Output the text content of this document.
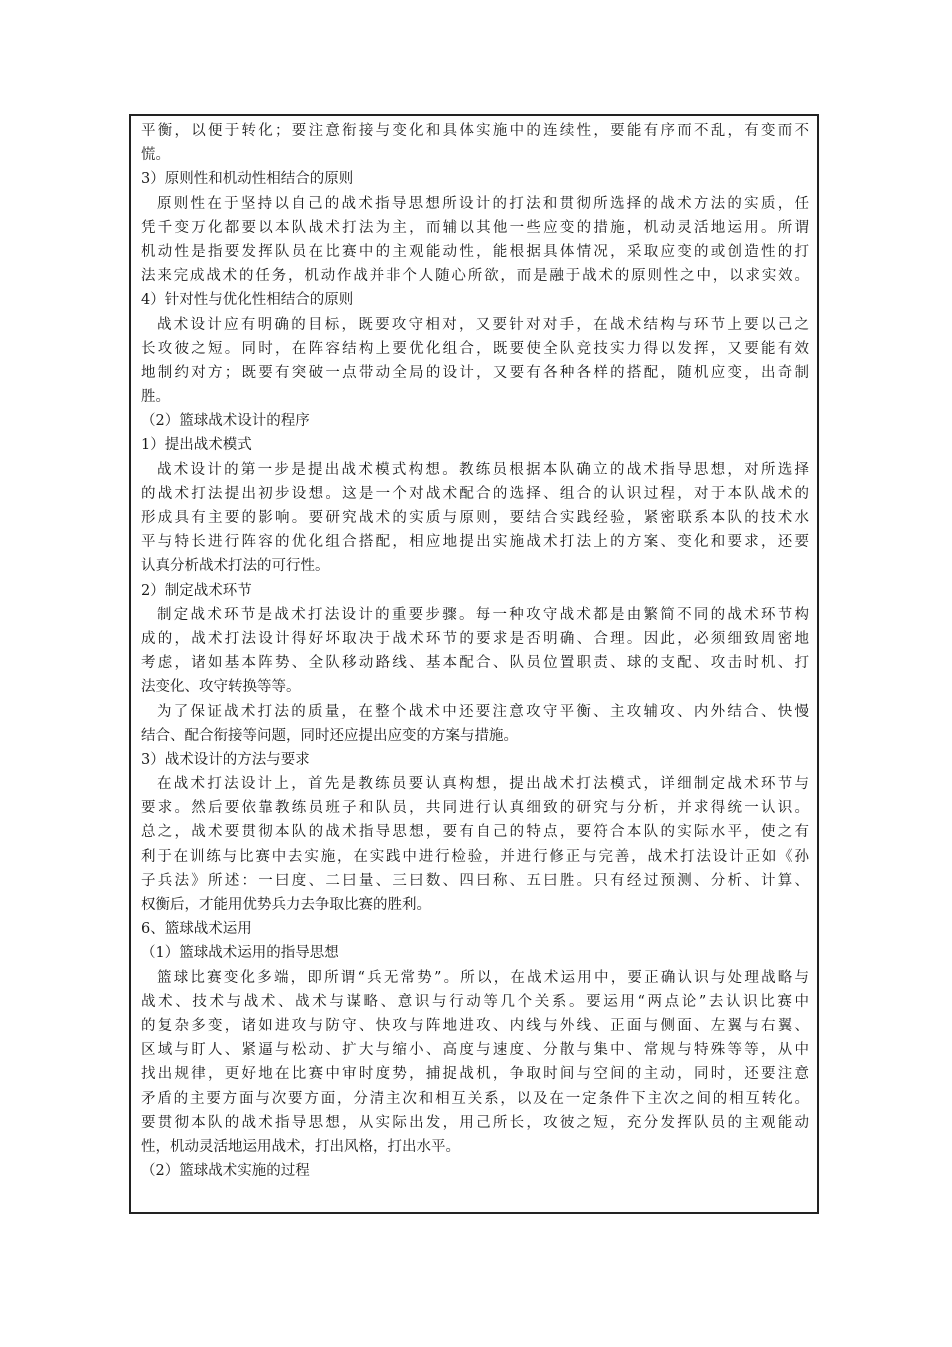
平衡，以便于转化；要注意衔接与变化和具体实施中的连续性，要能有序而不乱，有变而不
慌。
3）原则性和机动性相结合的原则
原则性在于坚持以自己的战术指导思想所设计的打法和贯彻所选择的战术方法的实质，任
凭千变万化都要以本队战术打法为主，而辅以其他一些应变的措施，机动灵活地运用。所谓
机动性是指要发挥队员在比赛中的主观能动性，能根据具体情况，采取应变的或创造性的打
法来完成战术的任务，机动作战并非个人随心所欲，而是融于战术的原则性之中，以求实效。
4）针对性与优化性相结合的原则
战术设计应有明确的目标，既要攻守相对，又要针对对手，在战术结构与环节上要以己之
长攻彼之短。同时，在阵容结构上要优化组合，既要使全队竞技实力得以发挥，又要能有效
地制约对方；既要有突破一点带动全局的设计，又要有各种各样的搭配，随机应变，出奇制
胜。
（2）篮球战术设计的程序
1）提出战术模式
战术设计的第一步是提出战术模式构想。教练员根据本队确立的战术指导思想，对所选择
的战术打法提出初步设想。这是一个对战术配合的选择、组合的认识过程，对于本队战术的
形成具有主要的影响。要研究战术的实质与原则，要结合实践经验，紧密联系本队的技术水
平与特长进行阵容的优化组合搭配，相应地提出实施战术打法上的方案、变化和要求，还要
认真分析战术打法的可行性。
2）制定战术环节
制定战术环节是战术打法设计的重要步骤。每一种攻守战术都是由繁简不同的战术环节构
成的，战术打法设计得好坏取决于战术环节的要求是否明确、合理。因此，必须细致周密地
考虑，诸如基本阵势、全队移动路线、基本配合、队员位置职责、球的支配、攻击时机、打
法变化、攻守转换等等。
为了保证战术打法的质量，在整个战术中还要注意攻守平衡、主攻辅攻、内外结合、快慢
结合、配合衔接等问题，同时还应提出应变的方案与措施。
3）战术设计的方法与要求
在战术打法设计上，首先是教练员要认真构想，提出战术打法模式，详细制定战术环节与
要求。然后要依靠教练员班子和队员，共同进行认真细致的研究与分析，并求得统一认识。
总之，战术要贯彻本队的战术指导思想，要有自己的特点，要符合本队的实际水平，使之有
利于在训练与比赛中去实施，在实践中进行检验，并进行修正与完善，战术打法设计正如《孙
子兵法》所述：一曰度、二曰量、三曰数、四曰称、五曰胜。只有经过预测、分析、计算、
权衡后，才能用优势兵力去争取比赛的胜利。
6、篮球战术运用
（1）篮球战术运用的指导思想
篮球比赛变化多端，即所谓“兵无常势”。所以，在战术运用中，要正确认识与处理战略与
战术、技术与战术、战术与谋略、意识与行动等几个关系。要运用“两点论”去认识比赛中
的复杂多变，诸如进攻与防守、快攻与阵地进攻、内线与外线、正面与侧面、左翼与右翼、
区域与盯人、紧逼与松动、扩大与缩小、高度与速度、分散与集中、常规与特殊等等，从中
找出规律，更好地在比赛中审时度势，捕捉战机，争取时间与空间的主动，同时，还要注意
矛盾的主要方面与次要方面，分清主次和相互关系，以及在一定条件下主次之间的相互转化。
要贯彻本队的战术指导思想，从实际出发，用己所长，攻彼之短，充分发挥队员的主观能动
性，机动灵活地运用战术，打出风格，打出水平。
（2）篮球战术实施的过程
